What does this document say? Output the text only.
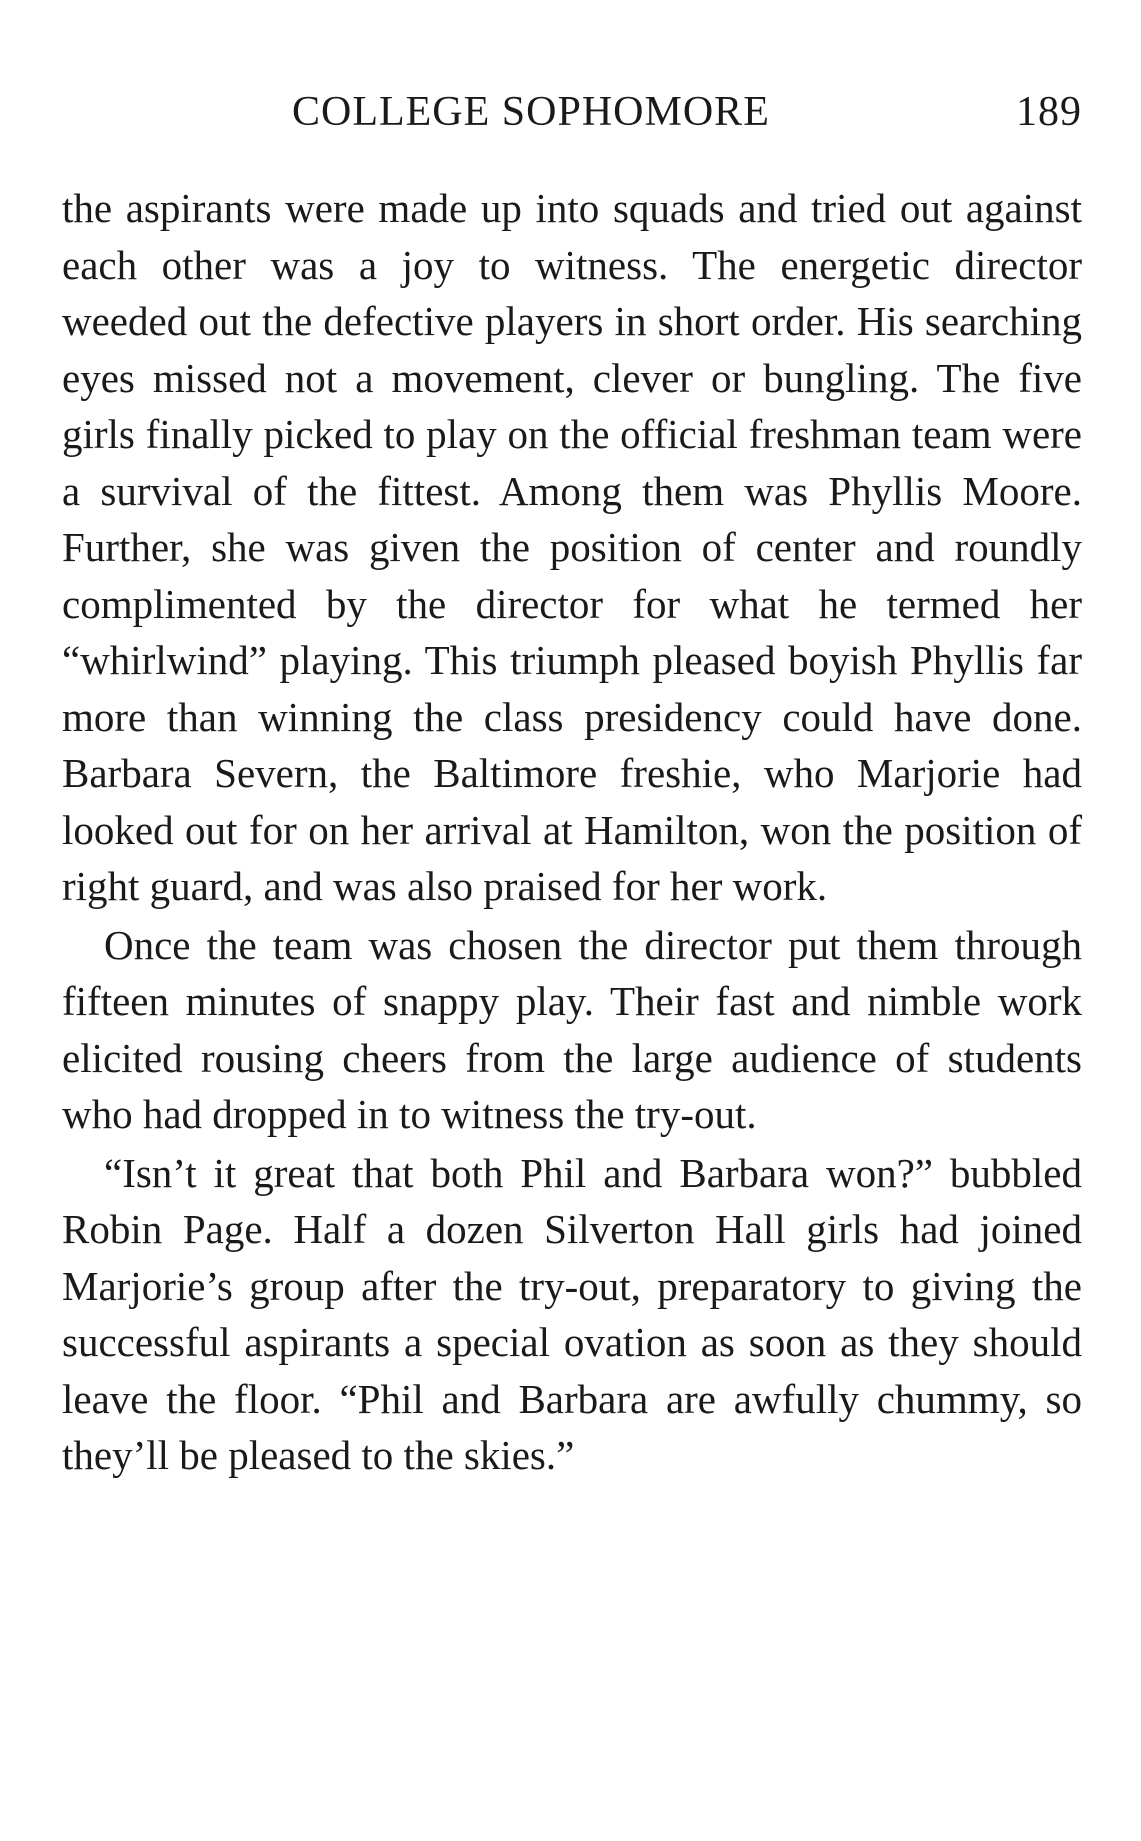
COLLEGE SOPHOMORE	189

the aspirants were made up into squads and tried out against each other was a joy to witness. The energetic director weeded out the defective players in short order. His searching eyes missed not a movement, clever or bungling. The five girls finally picked to play on the official freshman team were a survival of the fittest. Among them was Phyllis Moore. Further, she was given the position of center and roundly complimented by the director for what he termed her “whirlwind” playing. This triumph pleased boyish Phyllis far more than winning the class presidency could have done. Barbara Severn, the Baltimore freshie, who Marjorie had looked out for on her arrival at Hamilton, won the position of right guard, and was also praised for her work.

Once the team was chosen the director put them through fifteen minutes of snappy play. Their fast and nimble work elicited rousing cheers from the large audience of students who had dropped in to witness the try-out.

“Isn’t it great that both Phil and Barbara won?” bubbled Robin Page. Half a dozen Silverton Hall girls had joined Marjorie’s group after the try-out, preparatory to giving the successful aspirants a special ovation as soon as they should leave the floor. “Phil and Barbara are awfully chummy, so they’ll be pleased to the skies.”
